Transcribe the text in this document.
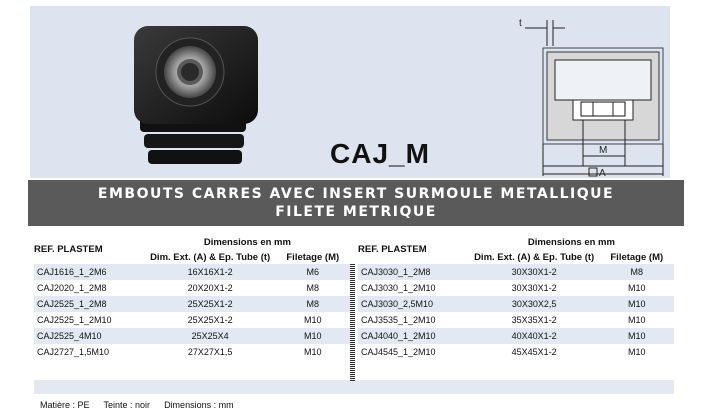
t
M
A
CAJ_M
EMBOUTS CARRES AVEC INSERT SURMOULE METALLIQUE
FILETE METRIQUE
REF. PLASTEM	Dimensions en mm	
	Dim. Ext. (A) & Ep. Tube (t)	Filetage (M)
CAJ1616_1_2M6	16X16X1-2	M6
CAJ2020_1_2M8	20X20X1-2	M8
CAJ2525_1_2M8	25X25X1-2	M8
CAJ2525_1_2M10	25X25X1-2	M10
CAJ2525_4M10	25X25X4	M10
CAJ2727_1,5M10	27X27X1,5	M10
REF. PLASTEM	Dimensions en mm	
	Dim. Ext. (A) & Ep. Tube (t)	Filetage (M)
CAJ3030_1_2M8	30X30X1-2	M8
CAJ3030_1_2M10	30X30X1-2	M10
CAJ3030_2,5M10	30X30X2,5	M10
CAJ3535_1_2M10	35X35X1-2	M10
CAJ4040_1_2M10	40X40X1-2	M10
CAJ4545_1_2M10	45X45X1-2	M10
Matière : PE Teinte : noir Dimensions : mm
